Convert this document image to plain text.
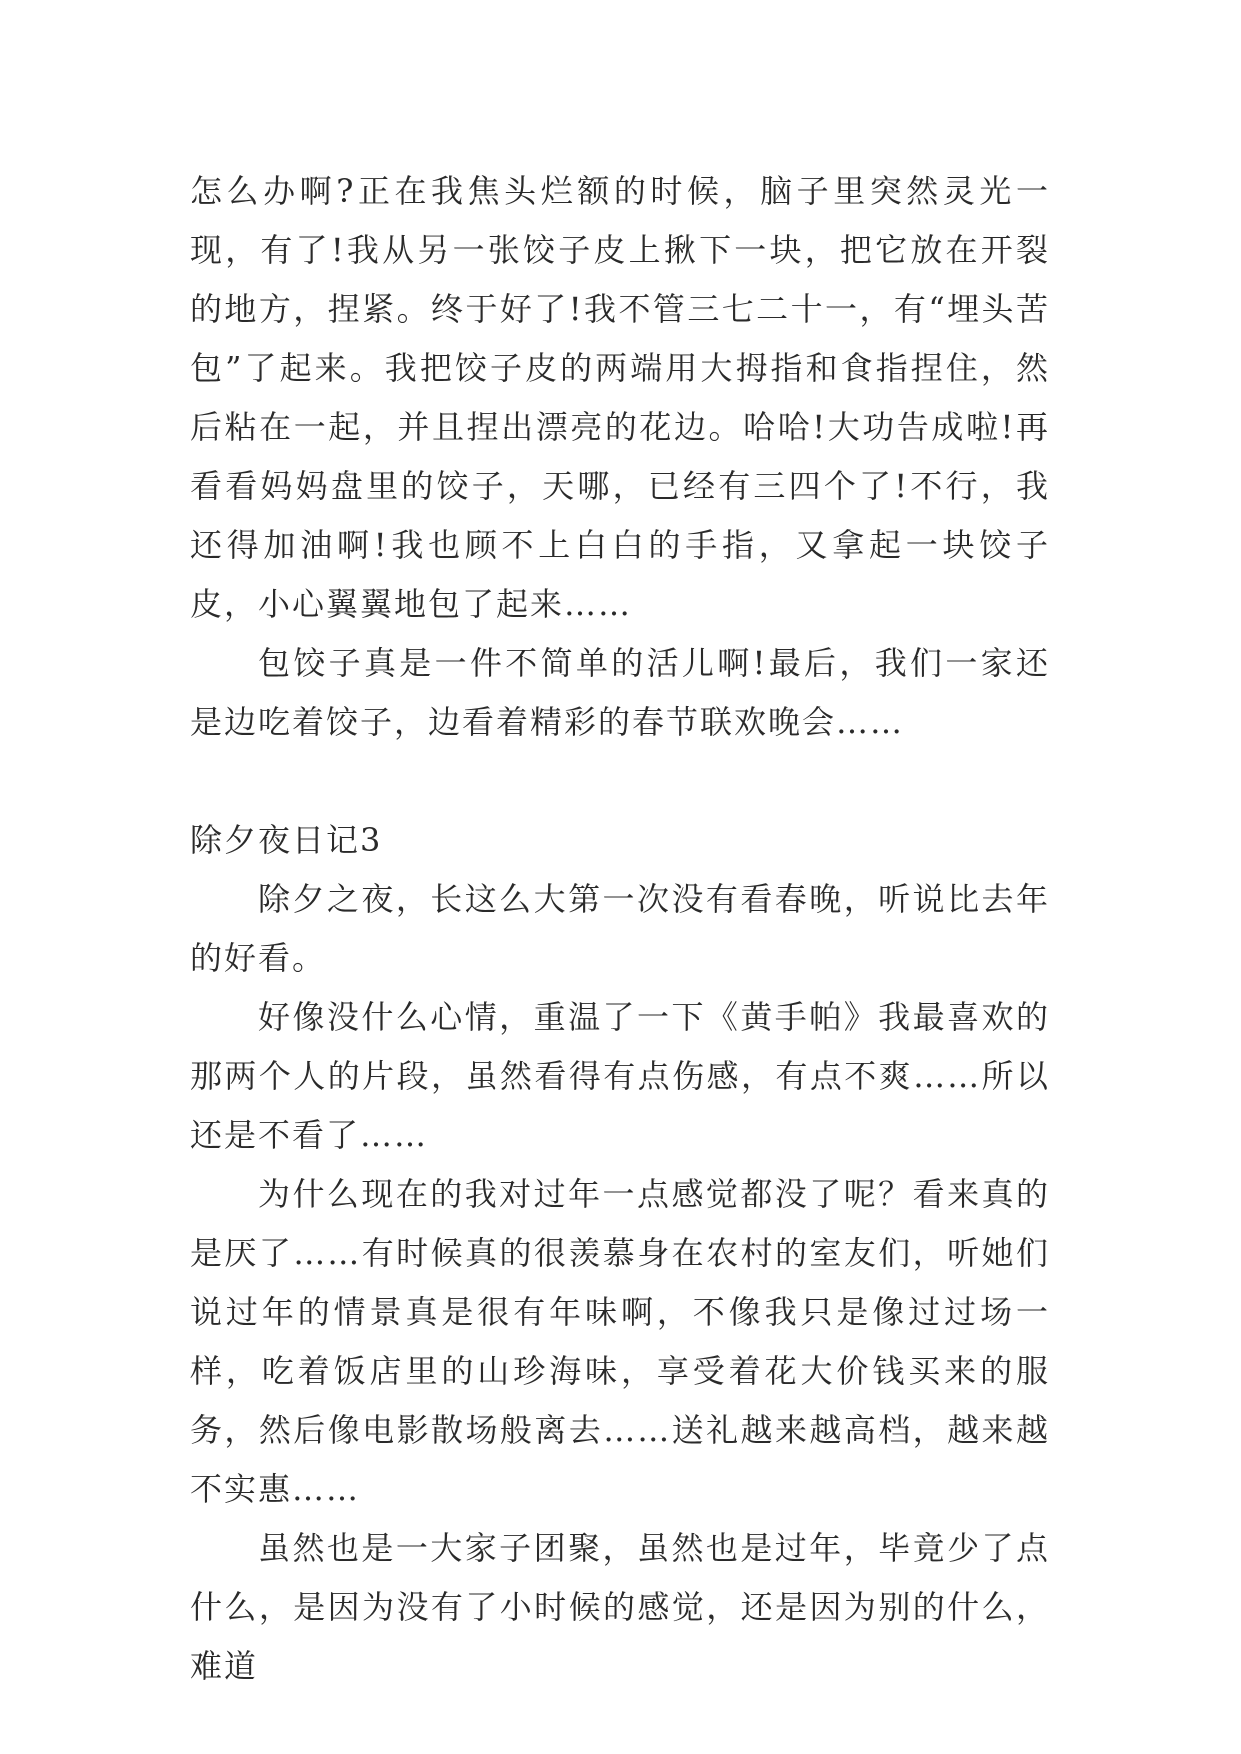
怎么办啊?正在我焦头烂额的时候，脑子里突然灵光一现，有了!我从另一张饺子皮上揪下一块，把它放在开裂的地方，捏紧。终于好了!我不管三七二十一，有“埋头苦包”了起来。我把饺子皮的两端用大拇指和食指捏住，然后粘在一起，并且捏出漂亮的花边。哈哈!大功告成啦!再看看妈妈盘里的饺子，天哪，已经有三四个了!不行，我还得加油啊!我也顾不上白白的手指，又拿起一块饺子皮，小心翼翼地包了起来……

包饺子真是一件不简单的活儿啊!最后，我们一家还是边吃着饺子，边看着精彩的春节联欢晚会……

除夕夜日记3

除夕之夜，长这么大第一次没有看春晚，听说比去年的好看。

好像没什么心情，重温了一下《黄手帕》我最喜欢的那两个人的片段，虽然看得有点伤感，有点不爽……所以还是不看了……

为什么现在的我对过年一点感觉都没了呢？看来真的是厌了……有时候真的很羡慕身在农村的室友们，听她们说过年的情景真是很有年味啊，不像我只是像过过场一样，吃着饭店里的山珍海味，享受着花大价钱买来的服务，然后像电影散场般离去……送礼越来越高档，越来越不实惠……

虽然也是一大家子团聚，虽然也是过年，毕竟少了点什么，是因为没有了小时候的感觉，还是因为别的什么，难道
